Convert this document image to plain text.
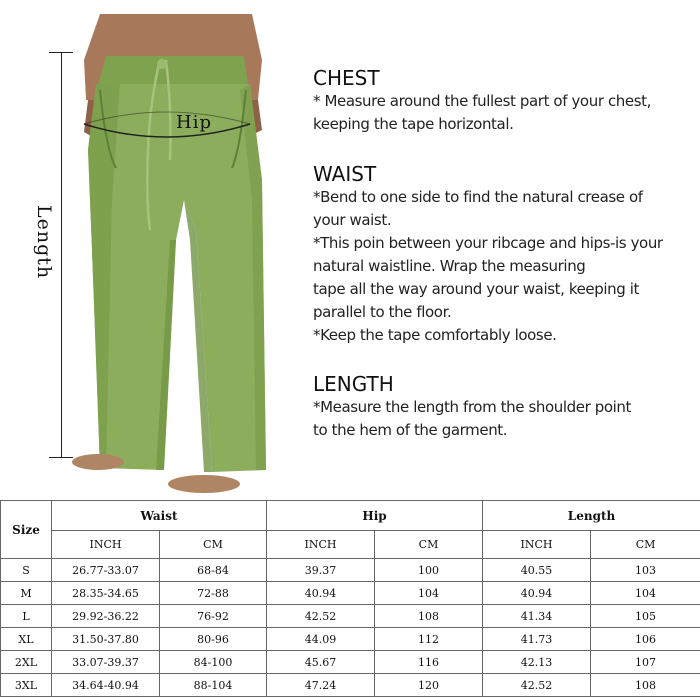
Length
Hip
CHEST
* Measure around the fullest part of your chest,
keeping the tape horizontal.
WAIST
*Bend to one side to find the natural crease of
your waist.
*This poin between your ribcage and hips-is your
natural waistline. Wrap the measuring
tape all the way around your waist, keeping it
parallel to the floor.
*Keep the tape comfortably loose.
LENGTH
*Measure the length from the shoulder point
to the hem of the garment.
Size	Waist		Hip		Length	
	INCH	CM	INCH	CM	INCH	CM
S	26.77-33.07	68-84	39.37	100	40.55	103
M	28.35-34.65	72-88	40.94	104	40.94	104
L	29.92-36.22	76-92	42.52	108	41.34	105
XL	31.50-37.80	80-96	44.09	112	41.73	106
2XL	33.07-39.37	84-100	45.67	116	42.13	107
3XL	34.64-40.94	88-104	47.24	120	42.52	108
